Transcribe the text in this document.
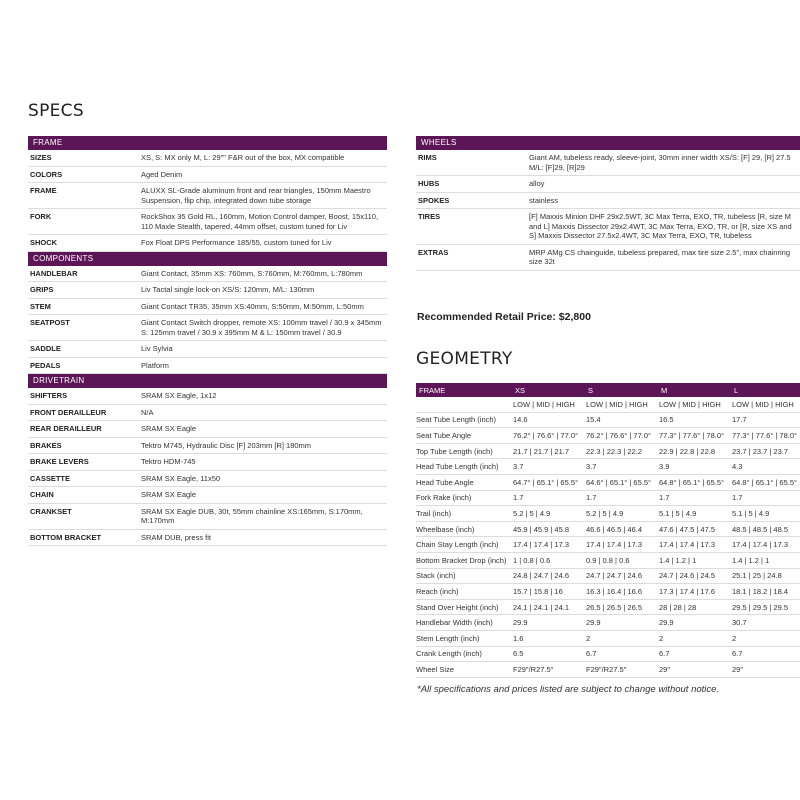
SPECS
FRAME
SIZES	XS, S: MX only M, L: 29"" F&R out of the box, MX compatible
COLORS	Aged Denim
FRAME	ALUXX SL-Grade aluminum front and rear triangles, 150mm Maestro Suspension, flip chip, integrated down tube storage
FORK	RockShox 35 Gold RL, 160mm, Motion Control damper, Boost, 15x110, 110 Maxle Stealth, tapered, 44mm offset, custom tuned for Liv
SHOCK	Fox Float DPS Performance 185/55, custom tuned for Liv
COMPONENTS
HANDLEBAR	Giant Contact, 35mm XS: 760mm, S:760mm, M:760mm, L:780mm
GRIPS	Liv Tactal single lock-on XS/S: 120mm, M/L: 130mm
STEM	Giant Contact TR35, 35mm XS:40mm, S:50mm, M:50mm, L:50mm
SEATPOST	Giant Contact Switch dropper, remote XS: 100mm travel / 30.9 x 345mm S: 125mm travel / 30.9 x 395mm M & L: 150mm travel / 30.9
SADDLE	Liv Sylvia
PEDALS	Platform
DRIVETRAIN
SHIFTERS	SRAM SX Eagle, 1x12
FRONT DERAILLEUR	N/A
REAR DERAILLEUR	SRAM SX Eagle
BRAKES	Tektro M745, Hydraulic Disc [F] 203mm [R] 180mm
BRAKE LEVERS	Tektro HDM-745
CASSETTE	SRAM SX Eagle, 11x50
CHAIN	SRAM SX Eagle
CRANKSET	SRAM SX Eagle DUB, 30t, 55mm chainline XS:165mm, S:170mm, M:170mm
BOTTOM BRACKET	SRAM DUB, press fit
WHEELS
RIMS	Giant AM, tubeless ready, sleeve-joint, 30mm inner width XS/S: [F] 29, [R] 27.5 M/L: [F]29, [R]29
HUBS	alloy
SPOKES	stainless
TIRES	[F] Maxxis Minion DHF 29x2.5WT, 3C Max Terra, EXO, TR, tubeless [R, size M and L] Maxxis Dissector 29x2.4WT, 3C Max Terra, EXO, TR, or [R, size XS and S] Maxxis Dissector 27.5x2.4WT, 3C Max Terra, EXO, TR, tubeless
EXTRAS	MRP AMg CS chainguide, tubeless prepared, max tire size 2.5", max chainring size 32t
Recommended Retail Price: $2,800
GEOMETRY
FRAME	XS	S	M	L
	LOW | MID | HIGH	LOW | MID | HIGH	LOW | MID | HIGH	LOW | MID | HIGH
Seat Tube Length (inch)	14.6	15.4	16.5	17.7
Seat Tube Angle	76.2° | 76.6° | 77.0°	76.2° | 76.6° | 77.0°	77.3° | 77.6° | 78.0°	77.3° | 77.6° | 78.0°
Top Tube Length (inch)	21.7 | 21.7 | 21.7	22.3 | 22.3 | 22.2	22.9 | 22.8 | 22.8	23.7 | 23.7 | 23.7
Head Tube Length (inch)	3.7	3.7	3.9	4.3
Head Tube Angle	64.7° | 65.1° | 65.5°	64.6° | 65.1° | 65.5°	64.8° | 65.1° | 65.5°	64.8° | 65.1° | 65.5°
Fork Rake (inch)	1.7	1.7	1.7	1.7
Trail (inch)	5.2 | 5 | 4.9	5.2 | 5 | 4.9	5.1 | 5 | 4.9	5.1 | 5 | 4.9
Wheelbase (inch)	45.9 | 45.9 | 45.8	46.6 | 46.5 | 46.4	47.6 | 47.5 | 47.5	48.5 | 48.5 | 48.5
Chain Stay Length (inch)	17.4 | 17.4 | 17.3	17.4 | 17.4 | 17.3	17.4 | 17.4 | 17.3	17.4 | 17.4 | 17.3
Bottom Bracket Drop (inch)	1 | 0.8 | 0.6	0.9 | 0.8 | 0.6	1.4 | 1.2 | 1	1.4 | 1.2 | 1
Stack (inch)	24.8 | 24.7 | 24.6	24.7 | 24.7 | 24.6	24.7 | 24.6 | 24.5	25.1 | 25 | 24.8
Reach (inch)	15.7 | 15.8 | 16	16.3 | 16.4 | 16.6	17.3 | 17.4 | 17.6	18.1 | 18.2 | 18.4
Stand Over Height (inch)	24.1 | 24.1 | 24.1	26.5 | 26.5 | 26.5	28 | 28 | 28	29.5 | 29.5 | 29.5
Handlebar Width (inch)	29.9	29.9	29.9	30.7
Stem Length (inch)	1.6	2	2	2
Crank Length (inch)	6.5	6.7	6.7	6.7
Wheel Size	F29"/R27.5"	F29"/R27.5"	29"	29"
*All specifications and prices listed are subject to change without notice.
